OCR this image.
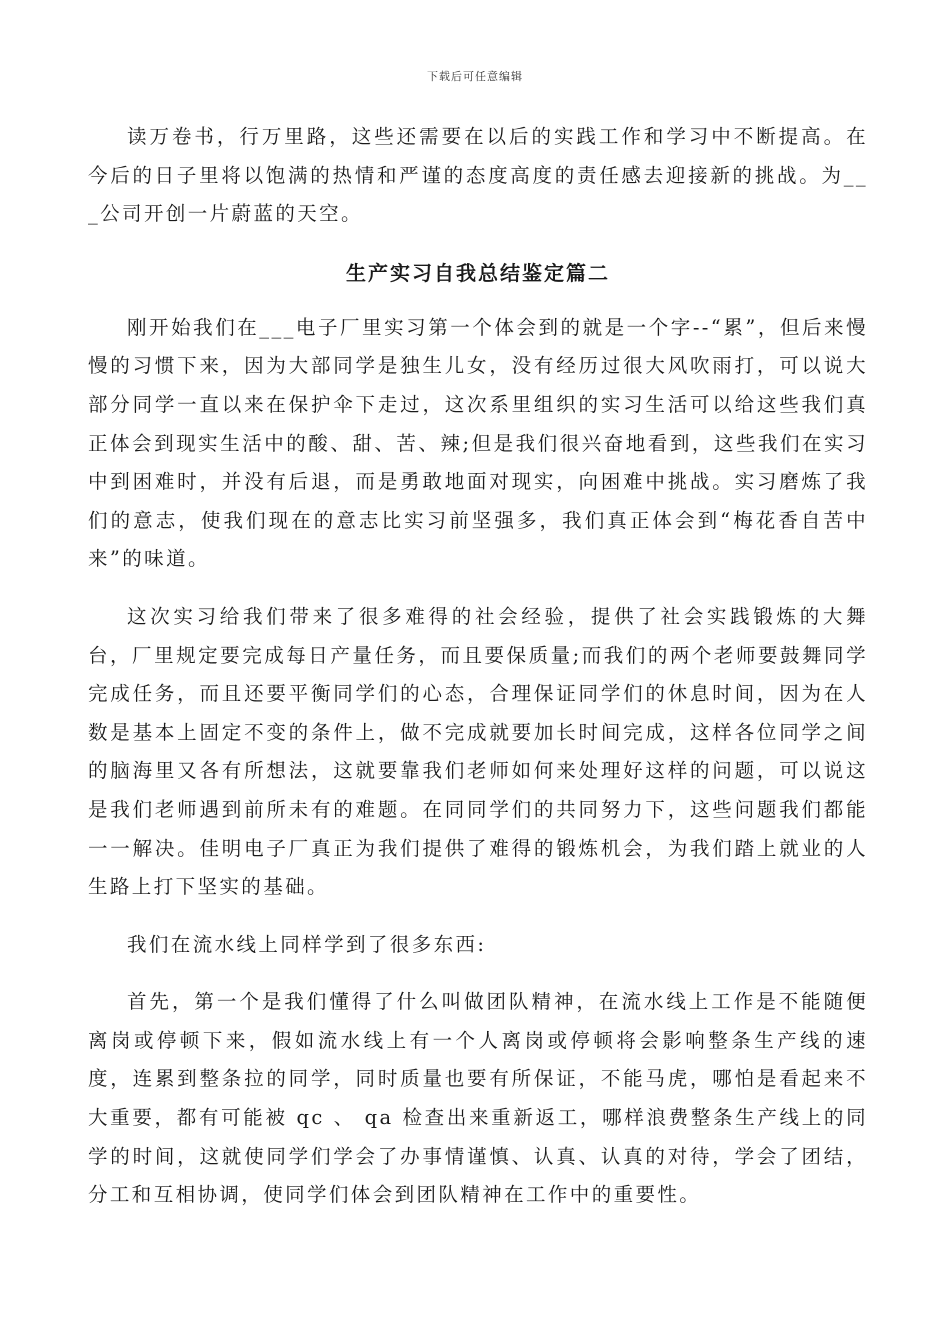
下载后可任意编辑

读万卷书，行万里路，这些还需要在以后的实践工作和学习中不断提高。在今后的日子里将以饱满的热情和严谨的态度高度的责任感去迎接新的挑战。为___公司开创一片蔚蓝的天空。

生产实习自我总结鉴定篇二

刚开始我们在___电子厂里实习第一个体会到的就是一个字--“累”，但后来慢慢的习惯下来，因为大部同学是独生儿女，没有经历过很大风吹雨打，可以说大部分同学一直以来在保护伞下走过，这次系里组织的实习生活可以给这些我们真正体会到现实生活中的酸、甜、苦、辣;但是我们很兴奋地看到，这些我们在实习中到困难时，并没有后退，而是勇敢地面对现实，向困难中挑战。实习磨炼了我们的意志，使我们现在的意志比实习前坚强多，我们真正体会到“梅花香自苦中来”的味道。

这次实习给我们带来了很多难得的社会经验，提供了社会实践锻炼的大舞台，厂里规定要完成每日产量任务，而且要保质量;而我们的两个老师要鼓舞同学完成任务，而且还要平衡同学们的心态，合理保证同学们的休息时间，因为在人数是基本上固定不变的条件上，做不完成就要加长时间完成，这样各位同学之间的脑海里又各有所想法，这就要靠我们老师如何来处理好这样的问题，可以说这是我们老师遇到前所未有的难题。在同同学们的共同努力下，这些问题我们都能一一解决。佳明电子厂真正为我们提供了难得的锻炼机会，为我们踏上就业的人生路上打下坚实的基础。

我们在流水线上同样学到了很多东西:

首先，第一个是我们懂得了什么叫做团队精神，在流水线上工作是不能随便离岗或停顿下来，假如流水线上有一个人离岗或停顿将会影响整条生产线的速度，连累到整条拉的同学，同时质量也要有所保证，不能马虎，哪怕是看起来不大重要，都有可能被 qc 、 qa 检查出来重新返工，哪样浪费整条生产线上的同学的时间，这就使同学们学会了办事情谨慎、认真、认真的对待，学会了团结，分工和互相协调，使同学们体会到团队精神在工作中的重要性。
